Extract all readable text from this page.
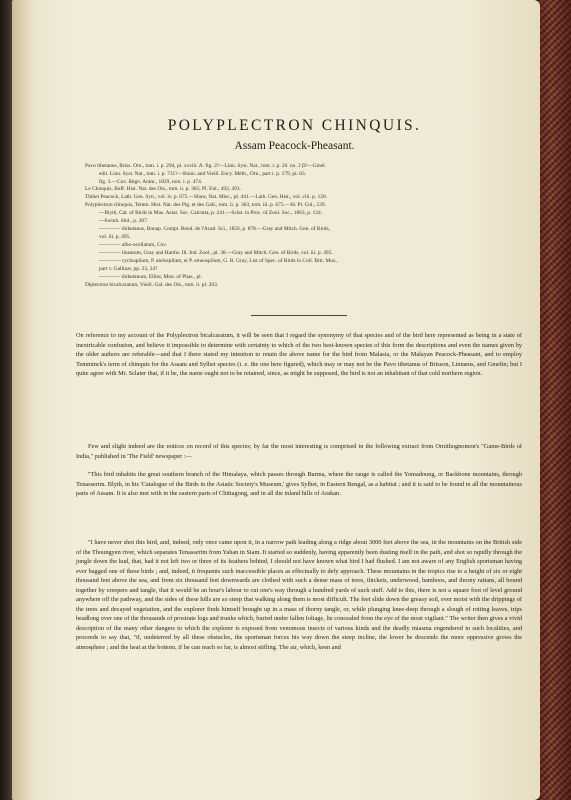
POLYPLECTRON CHINQUIS.
Assam Peacock-Pheasant.
Pavo tibetanus, Briss. Orn., tom. i. p. 294, pl. xxviii. A. fig. 2?—Linn. Syst. Nat., tom. i. p. 26. no. 2 β?—Gmel.
edit. Linn. Syst. Nat., tom. i. p. 731?—Bonn. and Vieill. Ency. Méth., Orn., part i. p. 179, pl. 83.
fig. 3.—Cuv. Règn. Anim., 1829, tom. i. p. 474.
Le Chinquis, Buff. Hist. Nat. des Ois., tom. ii. p. 365; Pl. Enl., 492, 493.
Thibet Peacock, Lath. Gen. Syn., vol. iv. p. 675.—Shaw, Nat. Misc., pl. 441.—Lath. Gen. Hist., vol. viii. p. 120.
Polyplectron chinquis, Temm. Hist. Nat. des Pig. et des Gall., tom. ii. p. 363, tom. iii. p. 675.—Id. Pl. Col., 539.
—Blyth, Cat. of Birds in Mus. Asiat. Soc. Calcutta, p. 241.—Sclat. in Proc. of Zool. Soc., 1863, p. 124.
—Swinh. ibid., p. 307.
———— thibetanus, Bonap. Compt. Rend. de l'Acad. Sci., 1856, p. 878.—Gray and Mitch. Gen. of Birds,
vol. iii. p. 495.
———— albo-ocellatum, Cuv.
———— lineatum, Gray and Hardw. Ill. Ind. Zool., pl. 38.—Gray and Mitch. Gen. of Birds, vol. iii. p. 495.
———— cyclospilum, P. atelospilum, et P. emeospilum, G. R. Gray, List of Spec. of Birds in Coll. Brit. Mus.,
part v. Gallinæ, pp. 23, 24?
———— thibetanum, Elliot, Mon. of Phas., pl.
Diplectron bicalcaratum, Vieill. Gal. des Ois., tom. ii. pl. 203.

On reference to my account of the Polyplectron bicalcaratum, it will be seen that I regard the synonymy of that species and of the bird here represented as being in a state of inextricable confusion, and believe it impossible to determine with certainty to which of the two best-known species of this form the descriptions and even the names given by the older authors are referable—and that I there stated my intention to retain the above name for the bird from Malasia, or the Malayan Peacock-Pheasant, and to employ Temminck's term of chinquis for the Assam and Sylhet species (i. e. the one here figured), which may or may not be the Pavo tibetanus of Brisson, Linnæus, and Gmelin; but I quite agree with Mr. Sclater that, if it be, the name ought not to be retained, since, as might be supposed, the bird is not an inhabitant of that cold northern region.

Few and slight indeed are the notices on record of this species; by far the most interesting is comprised in the following extract from Ornithognomon's "Game-Birds of India," published in 'The Field' newspaper :—

"This bird inhabits the great southern branch of the Himalaya, which passes through Burma, where the range is called the Yomadoung, or Backbone mountains, through Tenasserim. Blyth, in his 'Catalogue of the Birds in the Asiatic Society's Museum,' gives Sylhet, in Eastern Bengal, as a habitat ; and it is said to be found in all the mountainous parts of Assam. It is also met with in the eastern parts of Chittagong, and in all the inland hills of Arakan.

"I have never shot this bird, and, indeed, only once came upon it, in a narrow path leading along a ridge about 3000 feet above the sea, in the mountains on the British side of the Thoungyen river, which separates Tenasserim from Yahan in Siam. It started so suddenly, having apparently been dusting itself in the path, and shot so rapidly through the jungle down the kud, that, had it not left two or three of its feathers behind, I should not have known what bird I had flushed. I am not aware of any English sportsman having ever bagged one of these birds ; and, indeed, it frequents such inaccessible places as effectually to defy approach. These mountains in the tropics rise to a height of six or eight thousand feet above the sea, and from six thousand feet downwards are clothed with such a dense mass of trees, thickets, underwood, bamboos, and thorny rattans, all bound together by creepers and tangle, that it would be an hour's labour to cut one's way through a hundred yards of such stuff. Add to this, there is not a square foot of level ground anywhere off the pathway, and the sides of these hills are so steep that walking along them is most difficult. The feet slide down the greasy soil, ever moist with the drippings of the trees and decayed vegetation, and the explorer finds himself brought up in a mass of thorny tangle, or, while plunging knee-deep through a slough of rotting leaves, trips headlong over one of the thousands of prostrate logs and trunks which, buried under fallen foliage, lie concealed from the eye of the most vigilant." The writer then gives a vivid description of the many other dangers to which the explorer is exposed from venomous insects of various kinds and the deadly miasma engendered in such localities, and proceeds to say that, "if, undeterred by all these obstacles, the sportsman forces his way down the steep incline, the lower he descends the more oppressive grows the atmosphere ; and the heat at the bottom, if he can reach so far, is almost stifling. The air, which, keen and
